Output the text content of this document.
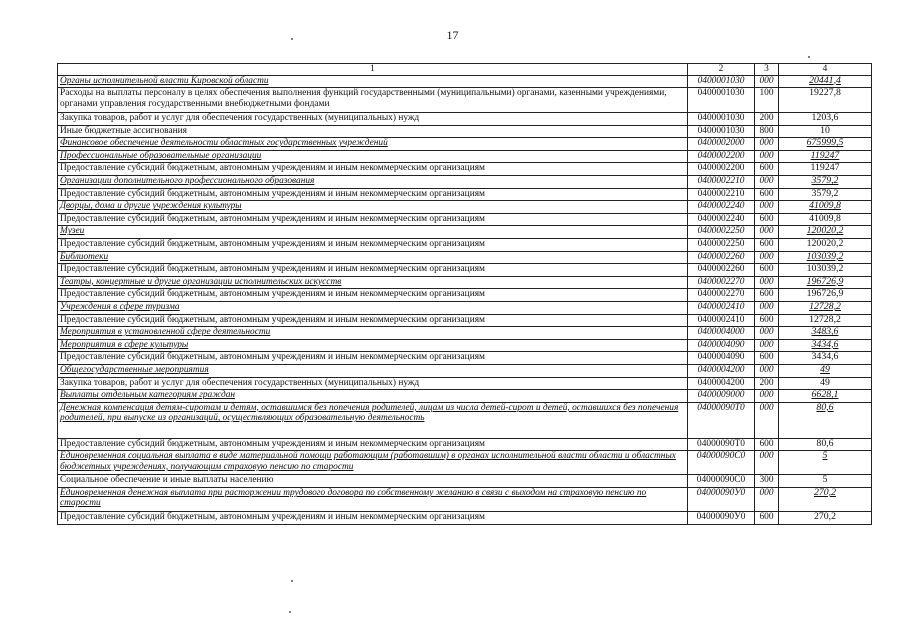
17
1	2	3	4
Органы исполнительной власти Кировской области	0400001030	000	20441,4
Расходы на выплаты персоналу в целях обеспечения выполнения функций государственными (муниципальными) органами, казенными учреждениями, органами управления государственными внебюджетными фондами	0400001030	100	19227,8
Закупка товаров, работ и услуг для обеспечения государственных (муниципальных) нужд	0400001030	200	1203,6
Иные бюджетные ассигнования	0400001030	800	10
Финансовое обеспечение деятельности областных государственных учреждений	0400002000	000	675999,5
Профессиональные образовательные организации	0400002200	000	119247
Предоставление субсидий бюджетным, автономным учреждениям и иным некоммерческим организациям	0400002200	600	119247
Организации дополнительного профессионального образования	0400002210	000	3579,2
Предоставление субсидий бюджетным, автономным учреждениям и иным некоммерческим организациям	0400002210	600	3579,2
Дворцы, дома и другие учреждения культуры	0400002240	000	41009,8
Предоставление субсидий бюджетным, автономным учреждениям и иным некоммерческим организациям	0400002240	600	41009,8
Музеи	0400002250	000	120020,2
Предоставление субсидий бюджетным, автономным учреждениям и иным некоммерческим организациям	0400002250	600	120020,2
Библиотеки	0400002260	000	103039,2
Предоставление субсидий бюджетным, автономным учреждениям и иным некоммерческим организациям	0400002260	600	103039,2
Театры, концертные и другие организации исполнительских искусств	0400002270	000	196726,9
Предоставление субсидий бюджетным, автономным учреждениям и иным некоммерческим организациям	0400002270	600	196726,9
Учреждения в сфере туризма	0400002410	000	12728,2
Предоставление субсидий бюджетным, автономным учреждениям и иным некоммерческим организациям	0400002410	600	12728,2
Мероприятия в установленной сфере деятельности	0400004000	000	3483,6
Мероприятия в сфере культуры	0400004090	000	3434,6
Предоставление субсидий бюджетным, автономным учреждениям и иным некоммерческим организациям	0400004090	600	3434,6
Общегосударственные мероприятия	0400004200	000	49
Закупка товаров, работ и услуг для обеспечения государственных (муниципальных) нужд	0400004200	200	49
Выплаты отдельным категориям граждан	0400009000	000	6628,1
Денежная компенсация детям-сиротам и детям, оставшимся без попечения родителей, лицам из числа детей-сирот и детей, оставшихся без попечения родителей, при выпуске из организаций, осуществляющих образовательную деятельность	04000090Т0	000	80,6
Предоставление субсидий бюджетным, автономным учреждениям и иным некоммерческим организациям	04000090Т0	600	80,6
Единовременная социальная выплата в виде материальной помощи работающим (работавшим) в органах исполнительной власти области и областных бюджетных учреждениях, получающим страховую пенсию по старости	04000090С0	000	5
Социальное обеспечение и иные выплаты населению	04000090С0	300	5
Единовременная денежная выплата при расторжении трудового договора по собственному желанию в связи с выходом на страховую пенсию по старости	04000090У0	000	270,2
Предоставление субсидий бюджетным, автономным учреждениям и иным некоммерческим организациям	04000090У0	600	270,2
